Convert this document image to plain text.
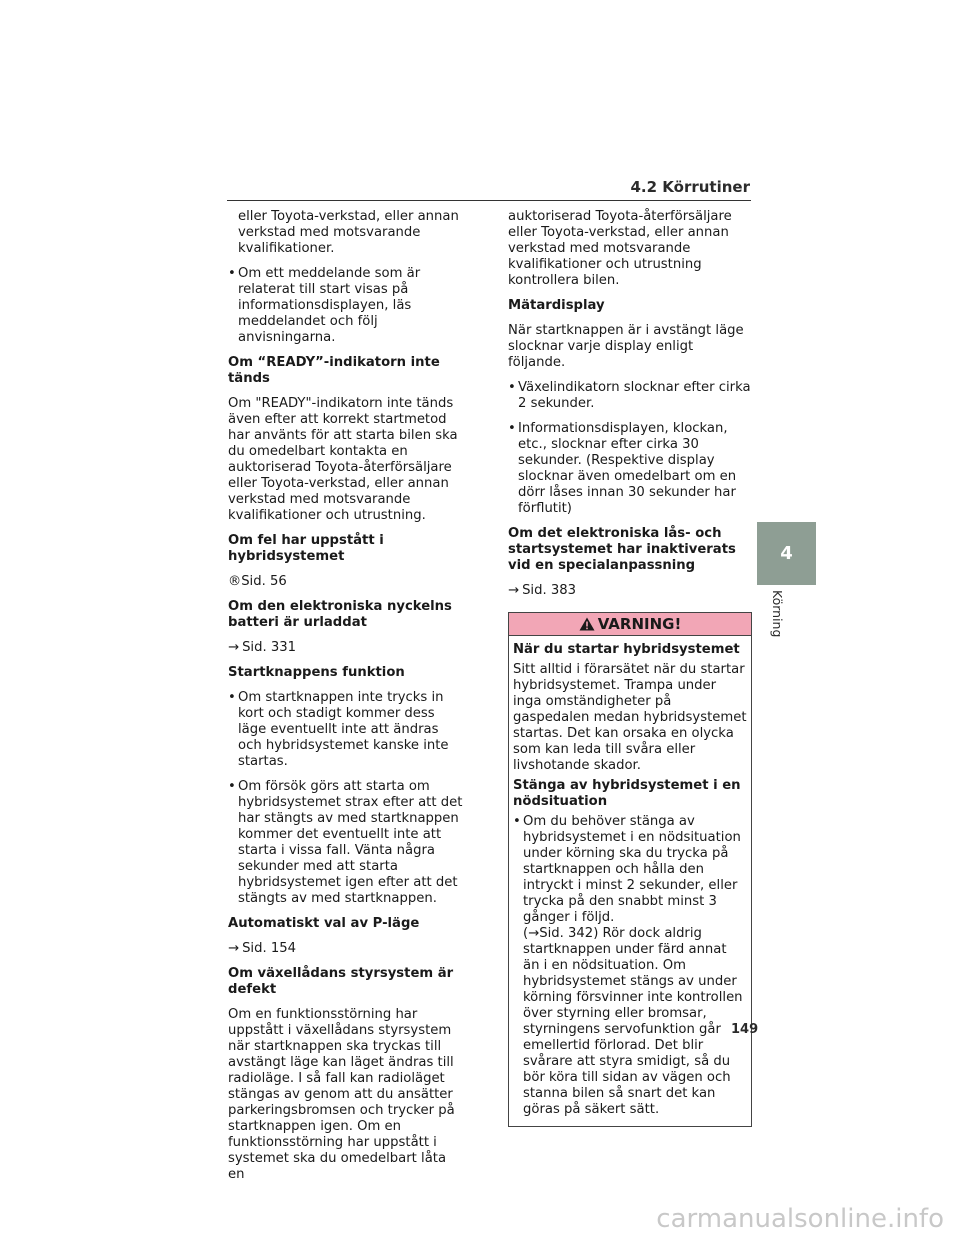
4.2 Körrutiner
eller Toyota-verkstad, eller annan verkstad med motsvarande kvalifikationer.
• Om ett meddelande som är relaterat till start visas på informationsdisplayen, läs meddelandet och följ anvisningarna.
Om “READY”-indikatorn inte tänds
Om "READY"-indikatorn inte tänds även efter att korrekt startmetod har använts för att starta bilen ska du omedelbart kontakta en auktoriserad Toyota-återförsäljare eller Toyota-verkstad, eller annan verkstad med motsvarande kvalifikationer och utrustning.
Om fel har uppstått i hybridsystemet
®Sid. 56
Om den elektroniska nyckelns batteri är urladdat
→ Sid. 331
Startknappens funktion
• Om startknappen inte trycks in kort och stadigt kommer dess läge eventuellt inte att ändras och hybridsystemet kanske inte startas.
• Om försök görs att starta om hybridsystemet strax efter att det har stängts av med startknappen kommer det eventuellt inte att starta i vissa fall. Vänta några sekunder med att starta hybridsystemet igen efter att det stängts av med startknappen.
Automatiskt val av P-läge
→ Sid. 154
Om växellådans styrsystem är defekt
Om en funktionsstörning har uppstått i växellådans styrsystem när startknappen ska tryckas till avstängt läge kan läget ändras till radioläge. I så fall kan radioläget stängas av genom att du ansätter parkeringsbromsen och trycker på startknappen igen. Om en funktionsstörning har uppstått i systemet ska du omedelbart låta en
auktoriserad Toyota-återförsäljare eller Toyota-verkstad, eller annan verkstad med motsvarande kvalifikationer och utrustning kontrollera bilen.
Mätardisplay
När startknappen är i avstängt läge slocknar varje display enligt följande.
• Växelindikatorn slocknar efter cirka 2 sekunder.
• Informationsdisplayen, klockan, etc., slocknar efter cirka 30 sekunder. (Respektive display slocknar även omedelbart om en dörr låses innan 30 sekunder har förflutit)
Om det elektroniska lås- och startsystemet har inaktiverats vid en specialanpassning
→ Sid. 383
VARNING!
När du startar hybridsystemet
Sitt alltid i förarsätet när du startar hybridsystemet. Trampa under inga omständigheter på gaspedalen medan hybridsystemet startas. Det kan orsaka en olycka som kan leda till svåra eller livshotande skador.
Stänga av hybridsystemet i en nödsituation
• Om du behöver stänga av hybridsystemet i en nödsituation under körning ska du trycka på startknappen och hålla den intryckt i minst 2 sekunder, eller trycka på den snabbt minst 3 gånger i följd.
(→Sid. 342) Rör dock aldrig startknappen under färd annat än i en nödsituation. Om hybridsystemet stängs av under körning försvinner inte kontrollen över styrning eller bromsar, styrningens servofunktion går emellertid förlorad. Det blir svårare att styra smidigt, så du bör köra till sidan av vägen och stanna bilen så snart det kan göras på säkert sätt.
4
Körning
149
carmanualsonline.info
